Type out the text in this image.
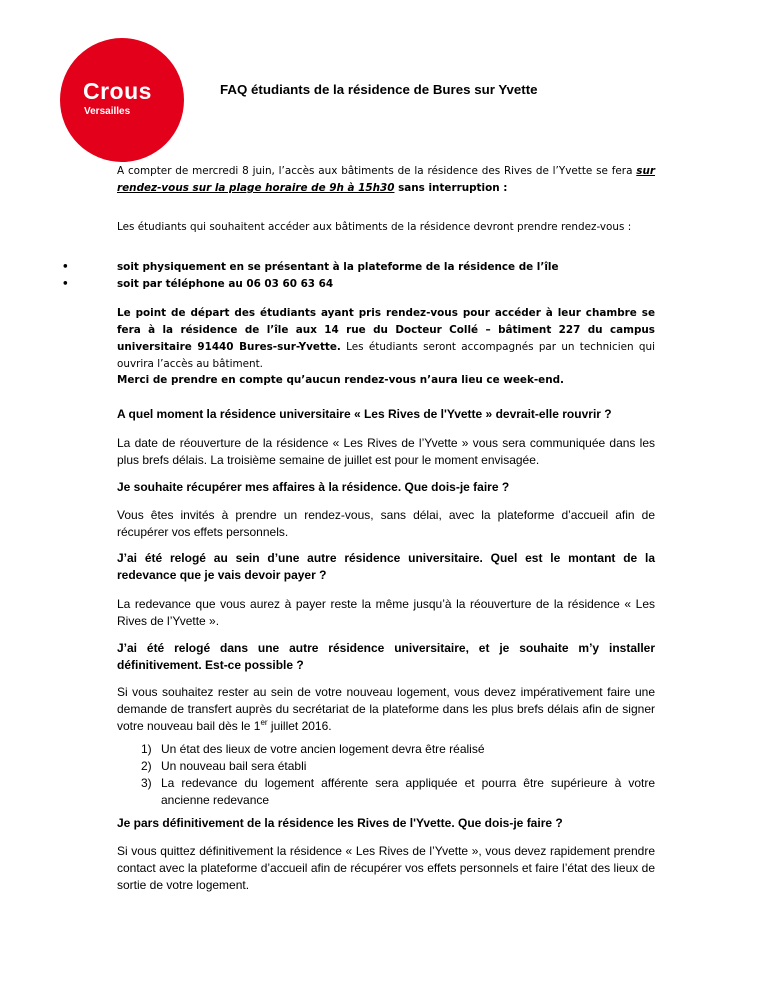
Crous
Versailles
FAQ étudiants de la résidence de Bures sur Yvette

A compter de mercredi 8 juin, l’accès aux bâtiments de la résidence des Rives de l’Yvette se fera sur rendez-vous sur la plage horaire de 9h à 15h30 sans interruption :

Les étudiants qui souhaitent accéder aux bâtiments de la résidence devront prendre rendez-vous :

• soit physiquement en se présentant à la plateforme de la résidence de l’île
• soit par téléphone au 06 03 60 63 64

Le point de départ des étudiants ayant pris rendez-vous pour accéder à leur chambre se fera à la résidence de l’île aux 14 rue du Docteur Collé – bâtiment 227 du campus universitaire 91440 Bures-sur-Yvette. Les étudiants seront accompagnés par un technicien qui ouvrira l’accès au bâtiment.

Merci de prendre en compte qu’aucun rendez-vous n’aura lieu ce week-end.

A quel moment la résidence universitaire « Les Rives de l'Yvette » devrait-elle rouvrir ?

La date de réouverture de la résidence « Les Rives de l’Yvette » vous sera communiquée dans les plus brefs délais. La troisième semaine de juillet est pour le moment envisagée.

Je souhaite récupérer mes affaires à la résidence. Que dois-je faire ?

Vous êtes invités à prendre un rendez-vous, sans délai, avec la plateforme d’accueil afin de récupérer vos effets personnels.

J’ai été relogé au sein d’une autre résidence universitaire. Quel est le montant de la redevance que je vais devoir payer ?

La redevance que vous aurez à payer reste la même jusqu’à la réouverture de la résidence « Les Rives de l’Yvette ».

J’ai été relogé dans une autre résidence universitaire, et je souhaite m’y installer définitivement. Est-ce possible ?

Si vous souhaitez rester au sein de votre nouveau logement, vous devez impérativement faire une demande de transfert auprès du secrétariat de la plateforme dans les plus brefs délais afin de signer votre nouveau bail dès le 1er juillet 2016.

1) Un état des lieux de votre ancien logement devra être réalisé
2) Un nouveau bail sera établi
3) La redevance du logement afférente sera appliquée et pourra être supérieure à votre ancienne redevance

Je pars définitivement de la résidence les Rives de l'Yvette. Que dois-je faire ?

Si vous quittez définitivement la résidence « Les Rives de l’Yvette », vous devez rapidement prendre contact avec la plateforme d’accueil afin de récupérer vos effets personnels et faire l’état des lieux de sortie de votre logement.
